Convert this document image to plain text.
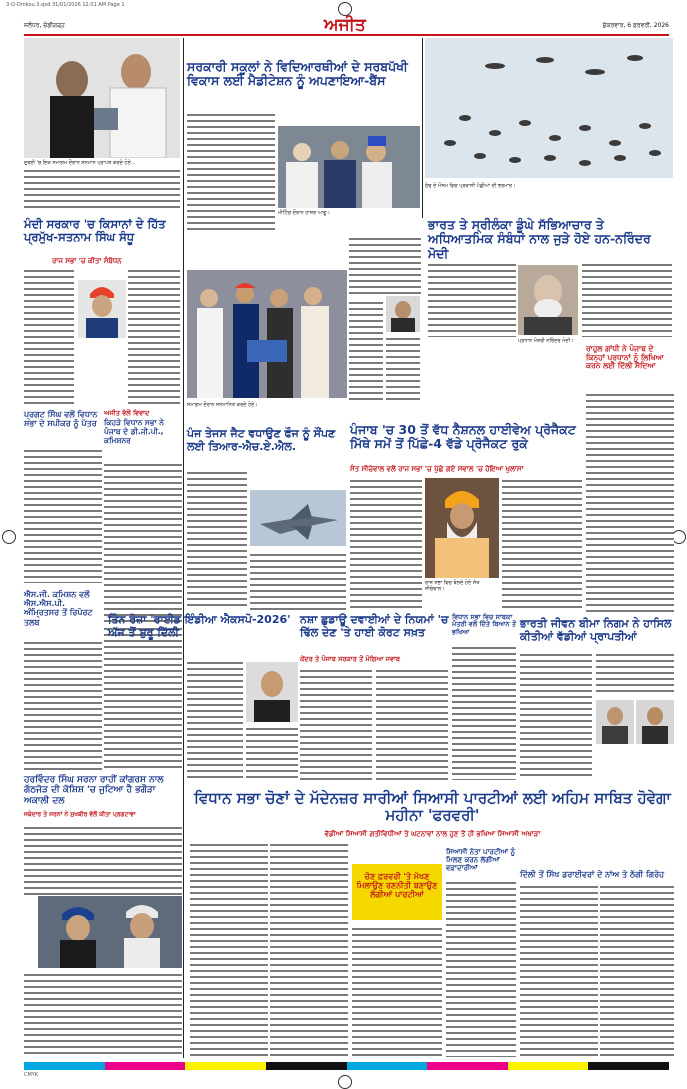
3-Q-Dmkou.3.qxd 31/01/2026 12:01 AM Page 1
ਜਲੰਧਰ, ਚੰਡੀਗੜ੍ਹ	ਅਜੀਤ	ਸ਼ੁੱਕਰਵਾਰ, 6 ਫਰਵਰੀ, 2026
ਦੁਬਈ 'ਚ ਇਕ ਸਮਾਗਮ ਦੌਰਾਨ ਸਨਮਾਨ ਪ੍ਰਾਪਤ ਕਰਦੇ ਹੋਏ...
ਸਰਕਾਰੀ ਸਕੂਲਾਂ ਨੇ ਵਿਦਿਆਰਥੀਆਂ ਦੇ ਸਰਬਪੱਖੀ ਵਿਕਾਸ ਲਈ ਮੈਡੀਟੇਸ਼ਨ ਨੂੰ ਅਪਣਾਇਆ-ਬੈਂਸ
ਮੀਟਿੰਗ ਦੌਰਾਨ ਹਾਜ਼ਰ ਆਗੂ।
ਠੰਢ ਦੇ ਮੌਸਮ ਵਿਚ ਪ੍ਰਵਾਸੀ ਪੰਛੀਆਂ ਦੀ ਭਰਮਾਰ।
ਭਾਰਤ ਤੇ ਸ੍ਰੀਲੰਕਾ ਡੂੰਘੇ ਸੱਭਿਆਚਾਰ ਤੇ ਅਧਿਆਤਮਿਕ ਸੰਬੰਧਾਂ ਨਾਲ ਜੁੜੇ ਹੋਏ ਹਨ-ਨਰਿੰਦਰ ਮੋਦੀ
ਪ੍ਰਧਾਨ ਮੰਤਰੀ ਨਰਿੰਦਰ ਮੋਦੀ।
ਮੰਦੀ ਸਰਕਾਰ 'ਚ ਕਿਸਾਨਾਂ ਦੇ ਹਿੱਤ ਪ੍ਰਮੁੱਖ-ਸਤਨਾਮ ਸਿੰਘ ਸੰਧੂ
ਰਾਜ ਸਭਾ 'ਚ ਕੀਤਾ ਸੰਬੋਧਨ
ਸਮਾਗਮ ਦੌਰਾਨ ਸਨਮਾਨਿਤ ਕਰਦੇ ਹੋਏ।
ਰਾਹੁਲ ਗਾਂਧੀ ਨੇ ਪੰਜਾਬ ਦੇ ਕਿਨ੍ਹਾਂ ਪ੍ਰਧਾਨਾਂ ਨੂੰ ਲਿਖਿਆ ਕਰਨ ਲਈ ਦਿੱਲੀ ਸੱਦਿਆ
ਪੰਜਾਬ 'ਚ 30 ਤੋਂ ਵੱਧ ਨੈਸ਼ਨਲ ਹਾਈਵੇਅ ਪ੍ਰੋਜੈਕਟ ਮਿੱਥੇ ਸਮੇਂ ਤੋਂ ਪਿੱਛੇ-4 ਵੱਡੇ ਪ੍ਰੋਜੈਕਟ ਰੁਕੇ
ਸੰਤ ਸੀਚੇਵਾਲ ਵਲੋਂ ਰਾਜ ਸਭਾ 'ਚ ਪੁੱਛੇ ਗਏ ਸਵਾਲ 'ਚ ਹੋਇਆ ਖੁਲਾਸਾ
ਰਾਜ ਸਭਾ ਵਿਚ ਬੋਲਦੇ ਹੋਏ ਸੰਤ ਸੀਚੇਵਾਲ।
ਪ੍ਰਗਟ ਸਿੰਘ ਵਲੋਂ ਵਿਧਾਨ ਸਭਾ ਦੇ ਸਪੀਕਰ ਨੂੰ ਪੱਤਰ
ਅਜੀਤ ਵੱਲੋਂ ਵਿਵਾਦ
ਕਿਹੜੇ ਵਿਧਾਨ ਸਭਾ ਨੇ ਪੰਜਾਬ ਦੇ ਡੀ.ਜੀ.ਪੀ., ਕਮਿਸ਼ਨਰ
ਪੰਜ ਤੇਜਸ ਜੈਟ ਵਧਾਉਣ ਫੌਜ ਨੂੰ ਸੌਂਪਣ ਲਈ ਤਿਆਰ-ਐਚ.ਏ.ਐਲ.
ਐਸ.ਜੀ. ਕਮਿਸ਼ਨ ਵਲੋਂ ਐਸ.ਐਸ.ਪੀ. ਅੰਮ੍ਰਿਤਸਰ ਤੋਂ ਰਿਪੋਰਟ ਤਲਬ	ਤਿੰਨ ਰੋਜ਼ਾ 'ਰਾਈਡ ਇੰਡੀਆ ਐਕਸਪੋ-2026' ਅੱਜ ਤੋਂ ਸ਼ੁਰੂ ਦਿੱਲੀ
ਨਸ਼ਾ ਛੁਡਾਊ ਦਵਾਈਆਂ ਦੇ ਨਿਯਮਾਂ 'ਚ ਢਿੱਲ ਦੇਣ 'ਤੇ ਹਾਈ ਕੋਰਟ ਸਖ਼ਤ
ਕੇਂਦਰ ਤੇ ਪੰਜਾਬ ਸਰਕਾਰ ਤੋਂ ਮੰਗਿਆ ਜਵਾਬ
ਵਿਧਾਨ ਸਭਾ ਵਿਚ ਸਾਬਕਾ ਮੰਤਰੀ ਵਲੋਂ ਦਿੱਤੇ ਬਿਆਨ ਤੋਂ ਭਖਿਆ
ਭਾਰਤੀ ਜੀਵਨ ਬੀਮਾ ਨਿਗਮ ਨੇ ਹਾਸਿਲ ਕੀਤੀਆਂ ਵੱਡੀਆਂ ਪ੍ਰਾਪਤੀਆਂ
ਹਰਵਿੰਦਰ ਸਿੰਘ ਸਰਨਾ ਰਾਹੀਂ ਕਾਂਗਰਸ ਨਾਲ ਗੱਠਜੋੜ ਦੀ ਕੋਸ਼ਿਸ਼ 'ਚ ਜੁਟਿਆ ਹੈ ਭਗੌੜਾ ਅਕਾਲੀ ਦਲ
ਜਥੇਦਾਰ ਤੇ ਸਰਨਾਂ ਨੇ ਸੁਖਬੀਰ ਵੱਲੋਂ ਕੀਤਾ ਪ੍ਰਗਟਾਵਾ
ਵਿਧਾਨ ਸਭਾ ਚੋਣਾਂ ਦੇ ਮੱਦੇਨਜ਼ਰ ਸਾਰੀਆਂ ਸਿਆਸੀ ਪਾਰਟੀਆਂ ਲਈ ਅਹਿਮ ਸਾਬਿਤ ਹੋਵੇਗਾ ਮਹੀਨਾ 'ਫਰਵਰੀ'
ਵੱਡੀਆਂ ਸਿਆਸੀ ਗਤੀਵਿਧੀਆਂ ਤੇ ਘਟਨਾਵਾਂ ਨਾਲ ਹੁਣ ਤੋਂ ਹੀ ਭਖਿਆ ਸਿਆਸੀ ਅਖਾੜਾ
ਚੋਣ ਫ਼ਰਵਰੀ 'ਤੇ ਮੱਖਣ ਮਿਲਾਉਣ ਰਣਨੀਤੀ ਬਣਾਉਣ ਲੱਗੀਆਂ ਪਾਰਟੀਆਂ
ਸਿਆਸੀ ਨੇਤਾ ਪਾਰਟੀਆਂ ਨੂੰ ਮਿਲਣ ਕਰਨ ਲੱਗੀਆਂ ਵਫ਼ਾਦਾਰੀਆਂ
ਦਿੱਲੀ ਤੋਂ ਸਿੱਖ ਡਰਾਈਵਰਾਂ ਦੇ ਨਾਂਅ ਤੇ ਠੱਗੀ ਗਿਰੋਹ
CMYK
